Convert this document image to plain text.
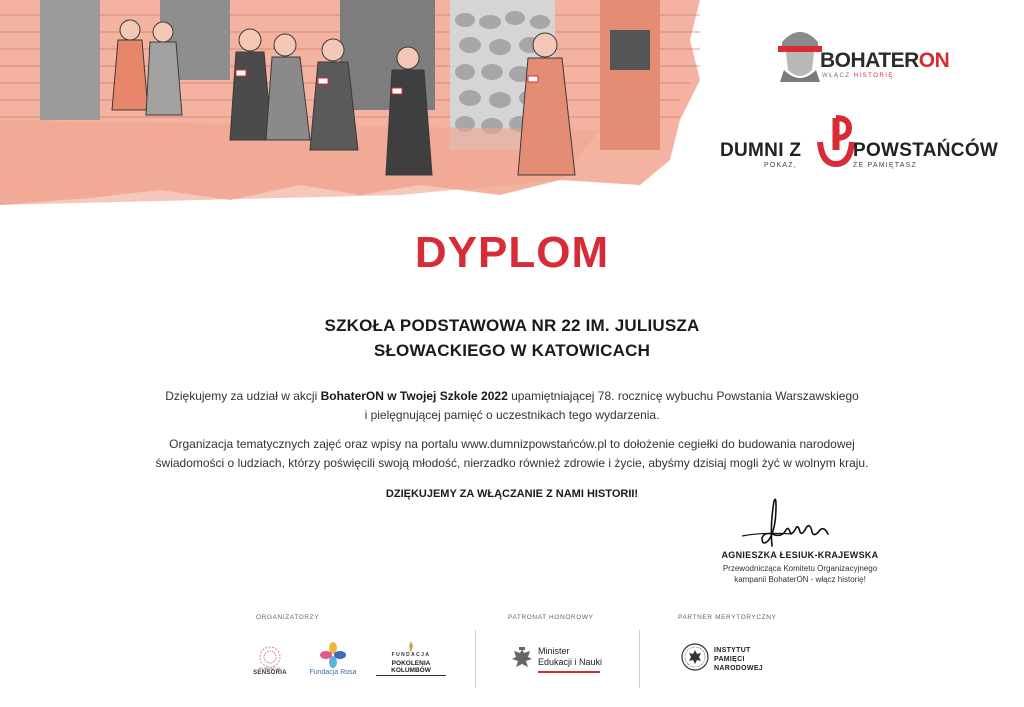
BOHATERON
WŁĄCZ HISTORIĘ
DUMNI Z	POWSTAŃCÓW
POKAŻ,	ŻE PAMIĘTASZ
DYPLOM
SZKOŁA PODSTAWOWA NR 22 IM. JULIUSZA
SŁOWACKIEGO W KATOWICACH
Dziękujemy za udział w akcji BohaterON w Twojej Szkole 2022 upamiętniającej 78. rocznicę wybuchu Powstania Warszawskiego
i pielęgnującej pamięć o uczestnikach tego wydarzenia.
Organizacja tematycznych zajęć oraz wpisy na portalu www.dumnizpowstańców.pl to dołożenie cegiełki do budowania narodowej
świadomości o ludziach, którzy poświęcili swoją młodość, nierzadko również zdrowie i życie, abyśmy dzisiaj mogli żyć w wolnym kraju.
DZIĘKUJEMY ZA WŁĄCZANIE Z NAMI HISTORII!
AGNIESZKA ŁESIUK-KRAJEWSKA
Przewodnicząca Komitetu Organizacyjnego
kampanii BohaterON - włącz historię!
ORGANIZATORZY	PATRONAT HONOROWY	PARTNER MERYTORYCZNY
FUNDACJA
SENSORIA	Fundacja Rosa
FUNDACJA
POKOLENIA KOLUMBÓW
Minister
Edukacji i Nauki
INSTYTUT
PAMIĘCI
NARODOWEJ
